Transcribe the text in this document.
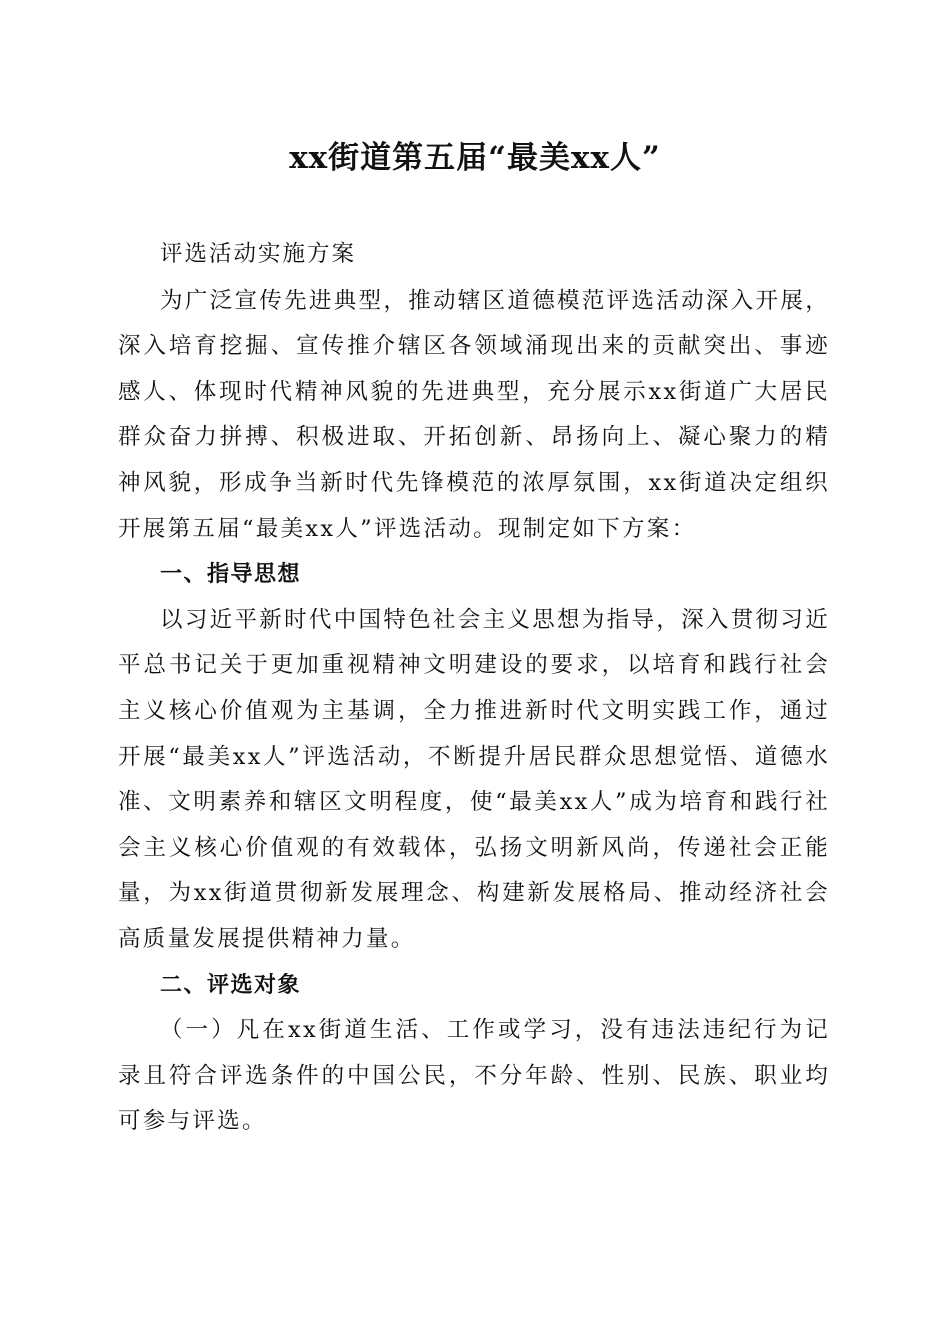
xx街道第五届“最美xx人”

评选活动实施方案

为广泛宣传先进典型，推动辖区道德模范评选活动深入开展，深入培育挖掘、宣传推介辖区各领域涌现出来的贡献突出、事迹感人、体现时代精神风貌的先进典型，充分展示xx街道广大居民群众奋力拼搏、积极进取、开拓创新、昂扬向上、凝心聚力的精神风貌，形成争当新时代先锋模范的浓厚氛围，xx街道决定组织开展第五届“最美xx人”评选活动。现制定如下方案：

一、指导思想

以习近平新时代中国特色社会主义思想为指导，深入贯彻习近平总书记关于更加重视精神文明建设的要求，以培育和践行社会主义核心价值观为主基调，全力推进新时代文明实践工作，通过开展“最美xx人”评选活动，不断提升居民群众思想觉悟、道德水准、文明素养和辖区文明程度，使“最美xx人”成为培育和践行社会主义核心价值观的有效载体，弘扬文明新风尚，传递社会正能量，为xx街道贯彻新发展理念、构建新发展格局、推动经济社会高质量发展提供精神力量。

二、评选对象

（一）凡在xx街道生活、工作或学习，没有违法违纪行为记录且符合评选条件的中国公民，不分年龄、性别、民族、职业均可参与评选。
